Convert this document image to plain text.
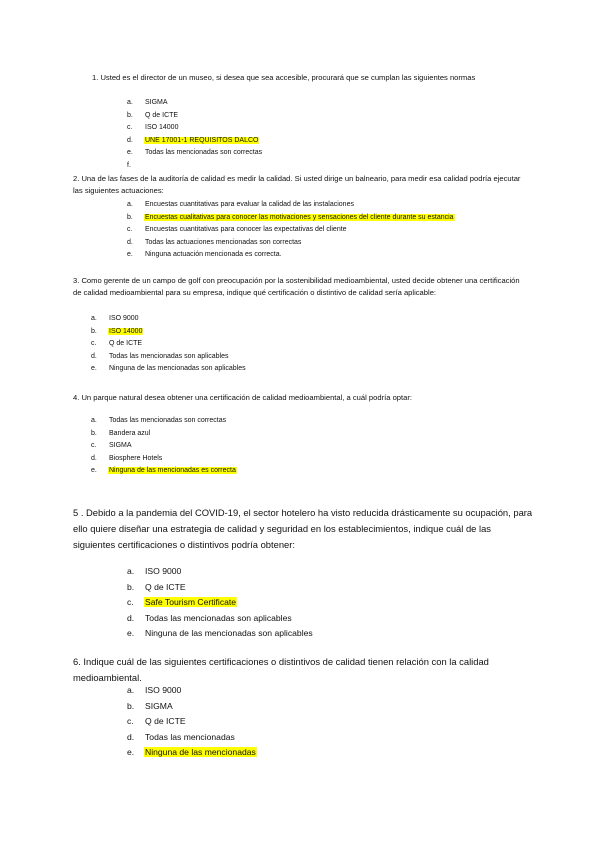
1. Usted es el director de un museo, si desea que sea accesible, procurará que se cumplan las siguientes normas

a. SIGMA
b. Q de ICTE
c. ISO 14000
d. UNE 17001-1 REQUISITOS DALCO
e. Todas las mencionadas son correctas
f.

2. Una de las fases de la auditoría de calidad es medir la calidad. Si usted dirige un balneario, para medir esa calidad podría ejecutar las siguientes actuaciones:

a. Encuestas cuantitativas para evaluar la calidad de las instalaciones
b. Encuestas cualitativas para conocer las motivaciones y sensaciones del cliente durante su estancia
c. Encuestas cuantitativas para conocer las expectativas del cliente
d. Todas las actuaciones mencionadas son correctas
e. Ninguna actuación mencionada es correcta.

3. Como gerente de un campo de golf con preocupación por la sostenibilidad medioambiental, usted decide obtener una certificación de calidad medioambiental para su empresa, indique qué certificación o distintivo de calidad sería aplicable:

a. ISO 9000
b. ISO 14000
c. Q de ICTE
d. Todas las mencionadas son aplicables
e. Ninguna de las mencionadas son aplicables

4. Un parque natural desea obtener una certificación de calidad medioambiental, a cuál podría optar:

a. Todas las mencionadas son correctas
b. Bandera azul
c. SIGMA
d. Biosphere Hotels
e. Ninguna de las mencionadas es correcta

5 . Debido a la pandemia del COVID-19, el sector hotelero ha visto reducida drásticamente su ocupación, para ello quiere diseñar una estrategia de calidad y seguridad en los establecimientos, indique cuál de las siguientes certificaciones o distintivos podría obtener:

a. ISO 9000
b. Q de ICTE
c. Safe Tourism Certificate
d. Todas las mencionadas son aplicables
e. Ninguna de las mencionadas son aplicables

6. Indique cuál de las siguientes certificaciones o distintivos de calidad tienen relación con la calidad medioambiental.

a. ISO 9000
b. SIGMA
c. Q de ICTE
d. Todas las mencionadas
e. Ninguna de las mencionadas
